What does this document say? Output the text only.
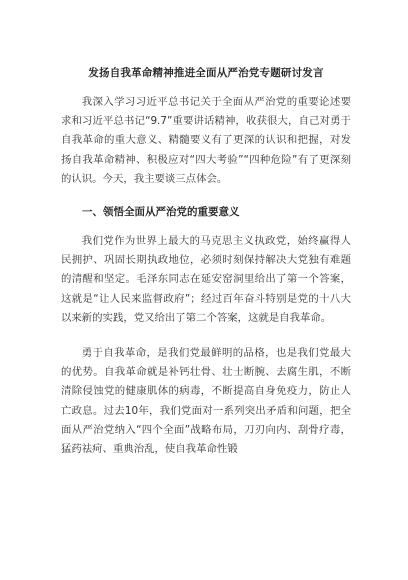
发扬自我革命精神推进全面从严治党专题研讨发言

我深入学习习近平总书记关于全面从严治党的重要论述要求和习近平总书记“9.7”重要讲话精神，收获很大，自己对勇于自我革命的重大意义、精髓要义有了更深的认识和把握，对发扬自我革命精神、积极应对“四大考验”“四种危险”有了更深刻的认识。今天，我主要谈三点体会。

一、领悟全面从严治党的重要意义

我们党作为世界上最大的马克思主义执政党，始终赢得人民拥护、巩固长期执政地位，必须时刻保持解决大党独有难题的清醒和坚定。毛泽东同志在延安窑洞里给出了第一个答案，这就是“让人民来监督政府”；经过百年奋斗特别是党的十八大以来新的实践，党又给出了第二个答案，这就是自我革命。

勇于自我革命，是我们党最鲜明的品格，也是我们党最大的优势。自我革命就是补钙壮骨、壮士断腕、去腐生肌，不断清除侵蚀党的健康肌体的病毒，不断提高自身免疫力，防止人亡政息。过去10年，我们党面对一系列突出矛盾和问题，把全面从严治党纳入“四个全面”战略布局，刀刃向内、刮骨疗毒，猛药祛疴、重典治乱，使自我革命性锻
